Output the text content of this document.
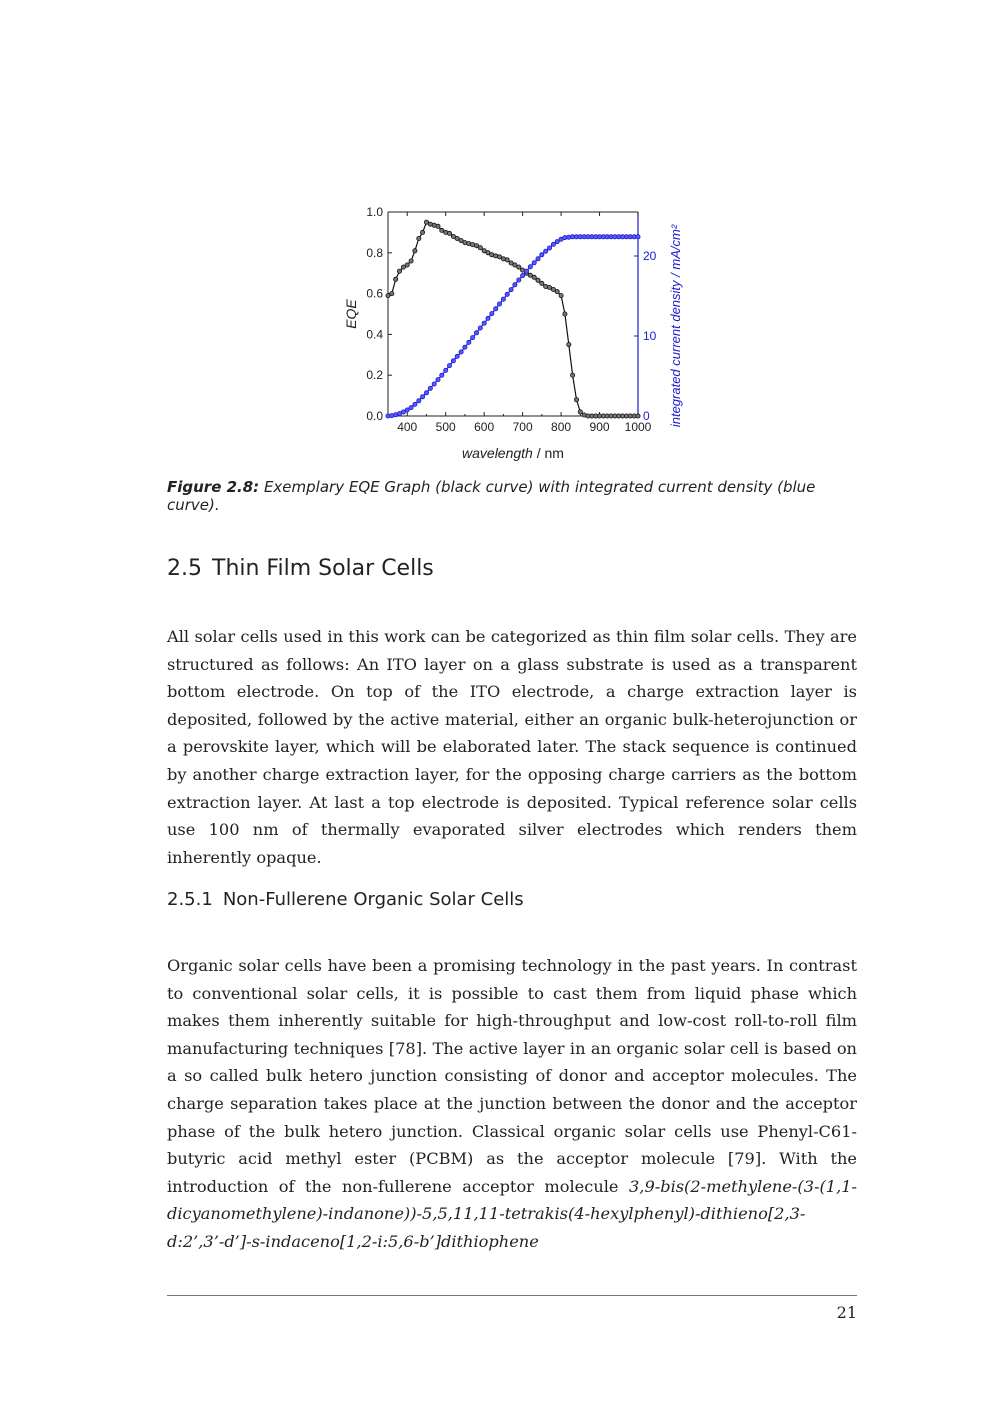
400 500 600 700 800 900 1000
0.0
0.2
0.4
0.6
0.8
1.0
0
10
20
wavelength / nm
EQE	integrated current density / mA/cm²
Figure 2.8: Exemplary EQE Graph (black curve) with integrated current density (blue curve).
2.5 Thin Film Solar Cells

All solar cells used in this work can be categorized as thin film solar cells. They are structured as follows: An ITO layer on a glass substrate is used as a transparent bottom electrode. On top of the ITO electrode, a charge extraction layer is deposited, followed by the active material, either an organic bulk-heterojunction or a perovskite layer, which will be elaborated later. The stack sequence is continued by another charge extraction layer, for the opposing charge carriers as the bottom extraction layer. At last a top electrode is deposited. Typical reference solar cells use 100 nm of thermally evaporated silver electrodes which renders them inherently opaque.

2.5.1 Non-Fullerene Organic Solar Cells

Organic solar cells have been a promising technology in the past years. In contrast to conventional solar cells, it is possible to cast them from liquid phase which makes them inherently suitable for high-throughput and low-cost roll-to-roll film manufacturing techniques [78]. The active layer in an organic solar cell is based on a so called bulk hetero junction consisting of donor and acceptor molecules. The charge separation takes place at the junction between the donor and the acceptor phase of the bulk hetero junction. Classical organic solar cells use Phenyl-C61-butyric acid methyl ester (PCBM) as the acceptor molecule [79]. With the introduction of the non-fullerene acceptor molecule 3,9-bis(2-methylene-(3-(1,1-dicyanomethylene)-indanone))-5,5,11,11-tetrakis(4-hexylphenyl)-dithieno[2,3-d:2’,3’-d’]-s-indaceno[1,2-i:5,6-b’]dithiophene

21
